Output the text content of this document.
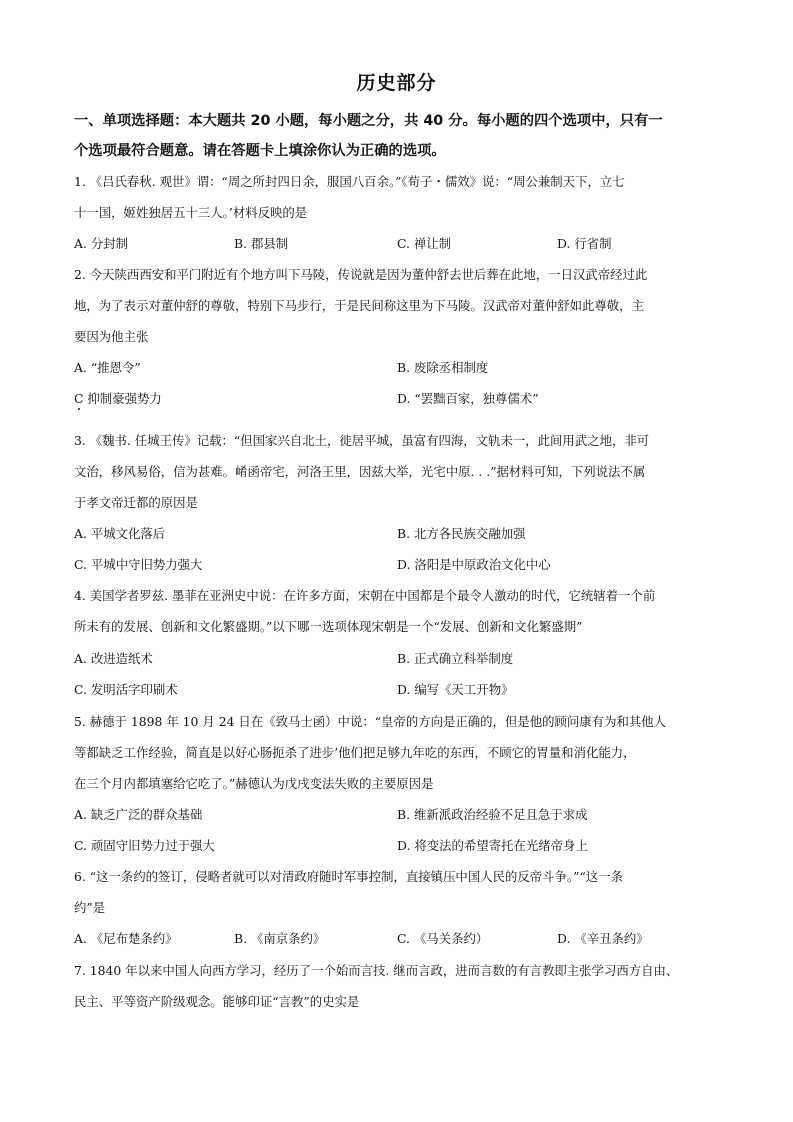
历史部分
一、单项选择题：本大题共 20 小题，每小题之分，共 40 分。每小题的四个选项中，只有一
个选项最符合题意。请在答题卡上填涂你认为正确的选项。
1. 《吕氏春秋. 观世》谓：“周之所封四日余，服国八百余。”《荀子・儒效》说：“周公兼制天下，立七
十一国，姬姓独居五十三人。’材料反映的是
A. 分封制	B. 郡县制	C. 禅让制	D. 行省制
2. 今天陕西西安和平门附近有个地方叫下马陵，传说就是因为董仲舒去世后葬在此地，一日汉武帝经过此
地，为了表示对董仲舒的尊敬，特别下马步行，于是民间称这里为下马陵。汉武帝对董仲舒如此尊敬，主
要因为他主张
A. “推恩令”	B. 废除丞相制度
C 抑制豪强势力	D. “罢黜百家，独尊儒术”
3. 《魏书. 任城王传》记载：“但国家兴自北土，徙居平城，虽富有四海，文轨未一，此间用武之地，非可
文治，移风易俗，信为甚难。崤函帝宅，河洛王里，因兹大举，光宅中原. . .”据材料可知，下列说法不属
于孝文帝迁都的原因是
A. 平城文化落后	B. 北方各民族交融加强
C. 平城中守旧势力强大	D. 洛阳是中原政治文化中心
4. 美国学者罗兹. 墨菲在亚洲史中说：在许多方面，宋朝在中国都是个最令人激动的时代，它统辖着一个前
所未有的发展、创新和文化繁盛期。”以下哪一选项体现宋朝是一个“发展、创新和文化繁盛期”
A. 改进造纸术	B. 正式确立科举制度
C. 发明活字印刷术	D. 编写《天工开物》
5. 赫德于 1898 年 10 月 24 日在《致马士函）中说：“皇帝的方向是正确的，但是他的顾问康有为和其他人
等都缺乏工作经验，简直是以好心肠扼杀了进步’他们把足够九年吃的东西，不顾它的胃量和消化能力，
在三个月内都填塞给它吃了。”赫德认为戊戌变法失败的主要原因是
A. 缺乏广泛的群众基础	B. 维新派政治经验不足且急于求成
C. 顽固守旧势力过于强大	D. 将变法的希望寄托在光绪帝身上
6. “这一条约的签订，侵略者就可以对清政府随时军事控制，直接镇压中国人民的反帝斗争。”“这一条
约”是
A. 《尼布楚条约》	B. 《南京条约》	C. 《马关条约）	D. 《辛丑条约》
7. 1840 年以来中国人向西方学习，经历了一个始而言技. 继而言政，进而言数的有言教即主张学习西方自由、
民主、平等资产阶级观念。能够印证“言教”的史实是
